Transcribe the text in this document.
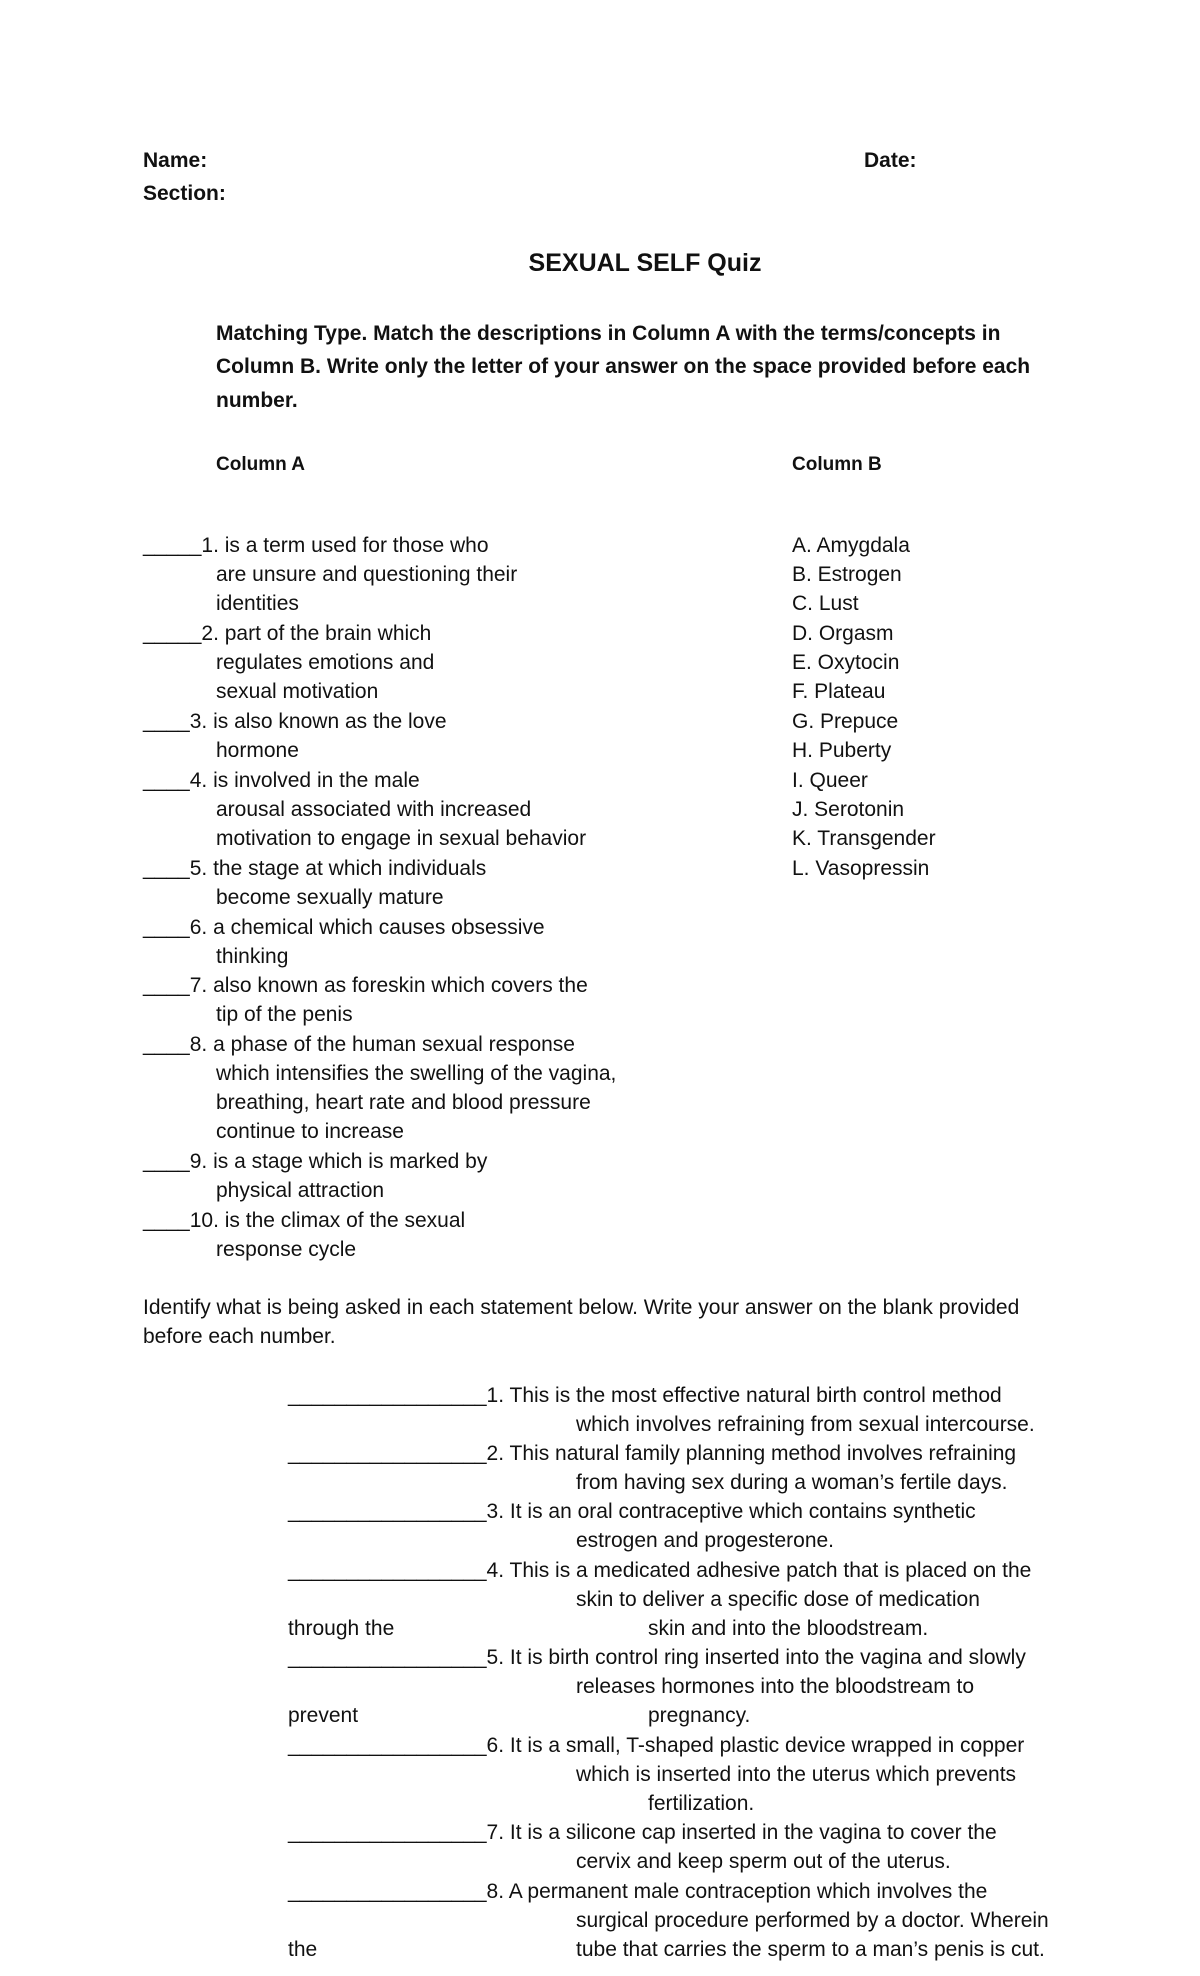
Name:	Date:
Section:
SEXUAL SELF Quiz
Matching Type. Match the descriptions in Column A with the terms/concepts in
Column B. Write only the letter of your answer on the space provided before each
number.
Column A	Column B
_____1. is a term used for those who
are unsure and questioning their
identities
_____2. part of the brain which
regulates emotions and
sexual motivation
____3. is also known as the love
hormone
____4. is involved in the male
arousal associated with increased
motivation to engage in sexual behavior
____5. the stage at which individuals
become sexually mature
____6. a chemical which causes obsessive
thinking
____7. also known as foreskin which covers the
tip of the penis
____8. a phase of the human sexual response
which intensifies the swelling of the vagina,
breathing, heart rate and blood pressure
continue to increase
____9. is a stage which is marked by
physical attraction
____10. is the climax of the sexual
response cycle
A. Amygdala
B. Estrogen
C. Lust
D. Orgasm
E. Oxytocin
F. Plateau
G. Prepuce
H. Puberty
I. Queer
J. Serotonin
K. Transgender
L. Vasopressin
Identify what is being asked in each statement below. Write your answer on the blank provided
before each number.
_________________1. This is the most effective natural birth control method
which involves refraining from sexual intercourse.
_________________2. This natural family planning method involves refraining
from having sex during a woman’s fertile days.
_________________3. It is an oral contraceptive which contains synthetic
estrogen and progesterone.
_________________4. This is a medicated adhesive patch that is placed on the
skin to deliver a specific dose of medication
through the	skin and into the bloodstream.
_________________5. It is birth control ring inserted into the vagina and slowly
releases hormones into the bloodstream to
prevent	pregnancy.
_________________6. It is a small, T-shaped plastic device wrapped in copper
which is inserted into the uterus which prevents
fertilization.
_________________7. It is a silicone cap inserted in the vagina to cover the
cervix and keep sperm out of the uterus.
_________________8. A permanent male contraception which involves the
surgical procedure performed by a doctor. Wherein
the	tube that carries the sperm to a man’s penis is cut.
